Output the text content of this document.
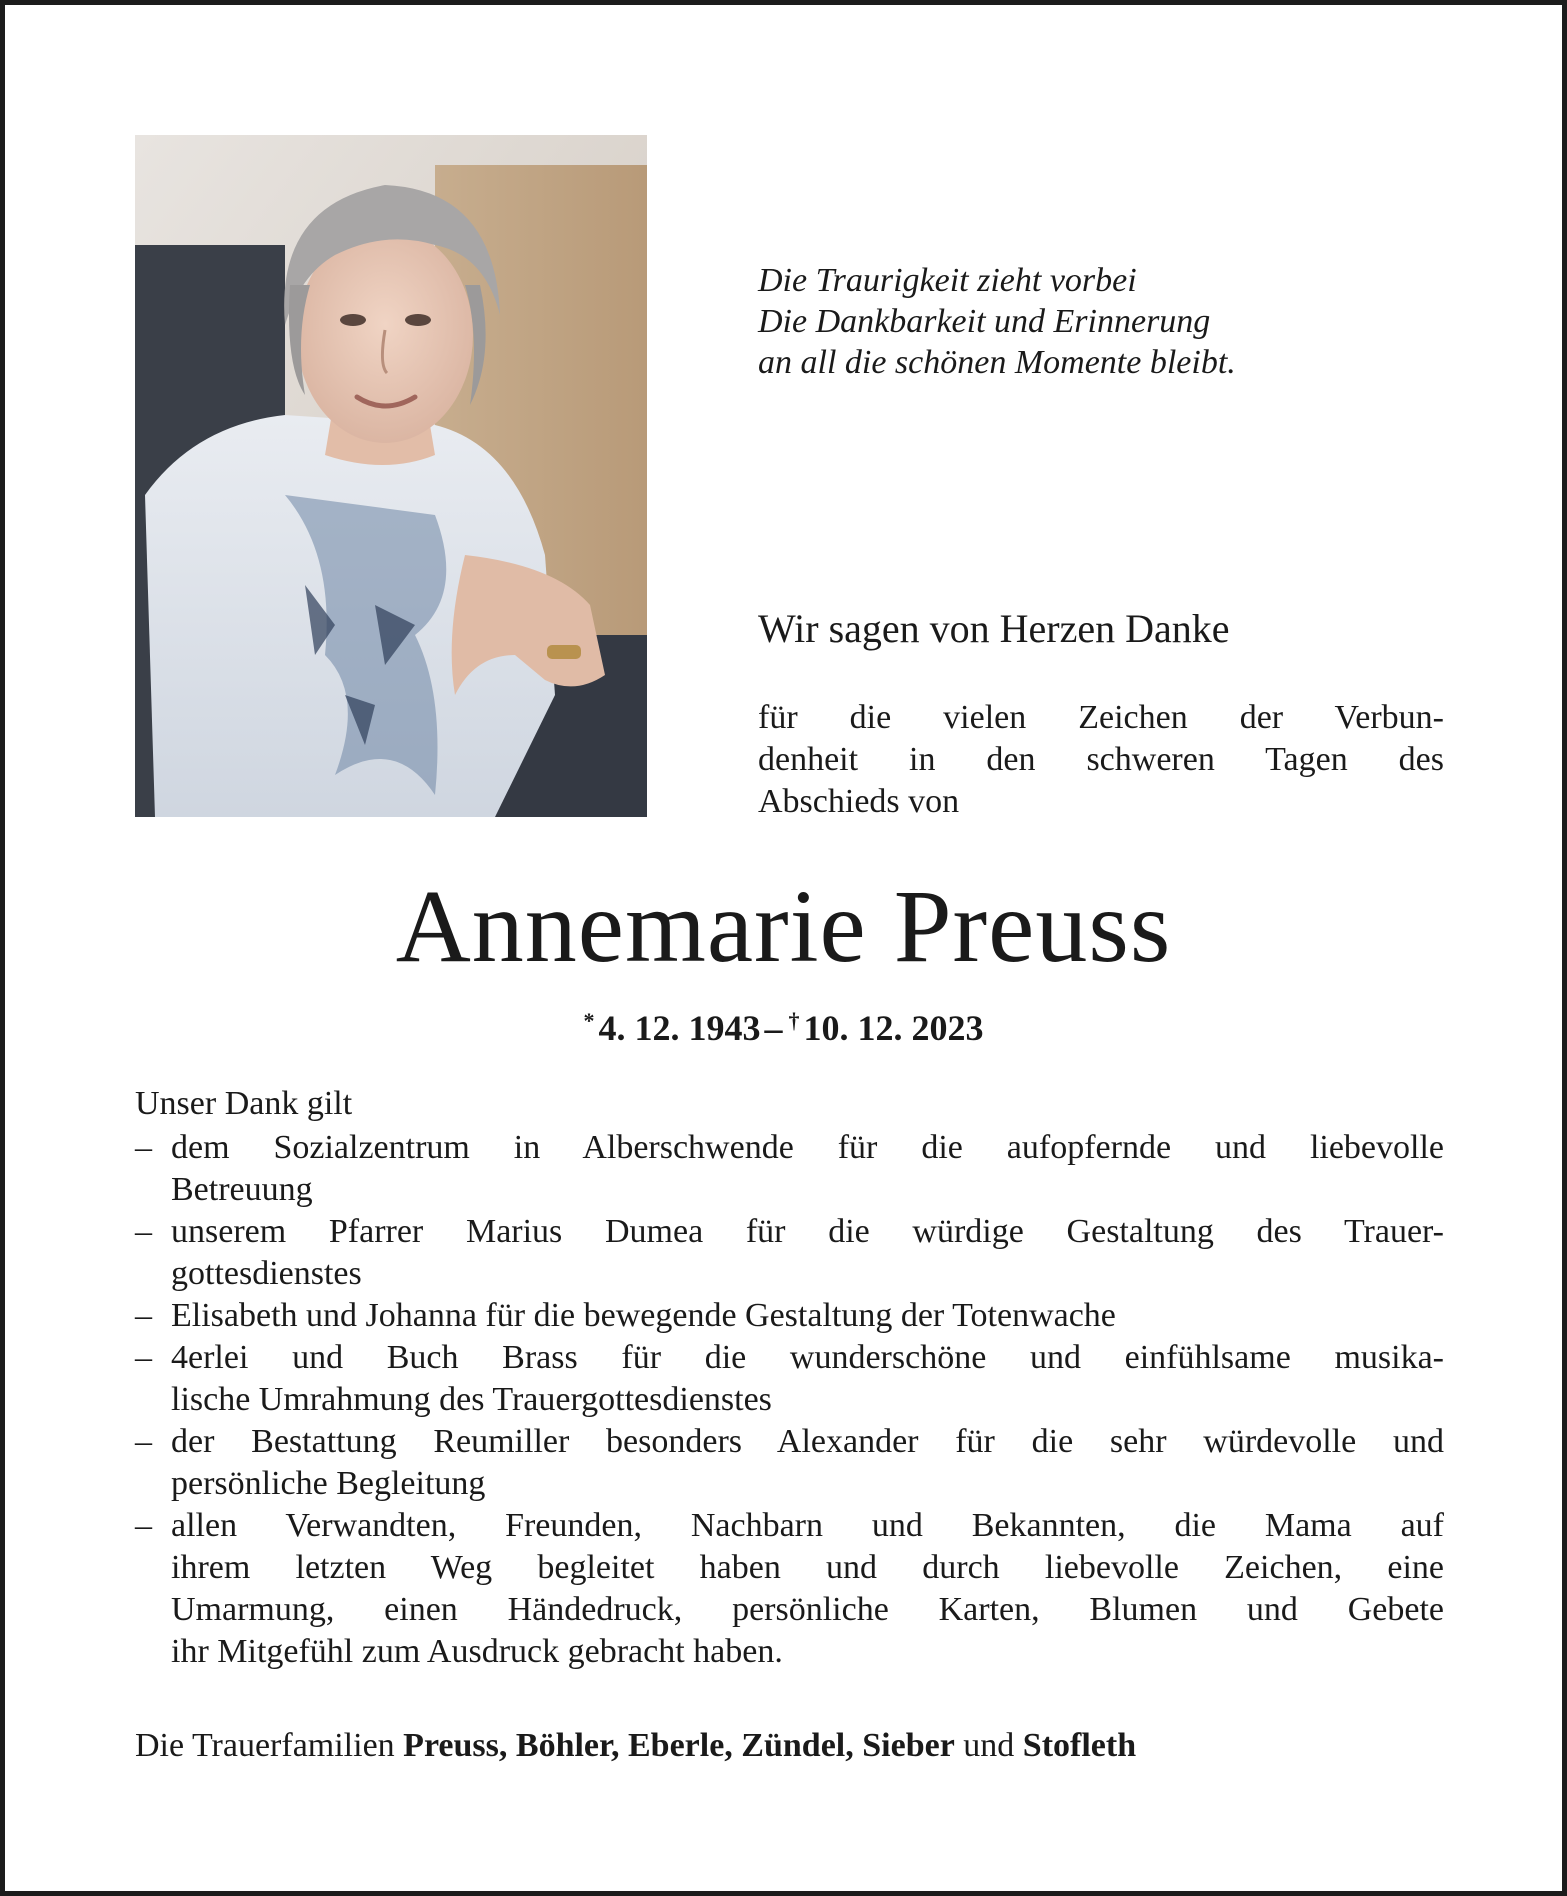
Die Traurigkeit zieht vorbei
Die Dankbarkeit und Erinnerung
an all die schönen Momente bleibt.
Wir sagen von Herzen Danke
für die vielen Zeichen der Verbun-
denheit in den schweren Tagen des
Abschieds von
Annemarie Preuss
* 4. 12. 1943 – † 10. 12. 2023
Unser Dank gilt
– dem Sozialzentrum in Alberschwende für die aufopfernde und liebevolle
Betreuung
– unserem Pfarrer Marius Dumea für die würdige Gestaltung des Trauer-
gottesdienstes
– Elisabeth und Johanna für die bewegende Gestaltung der Totenwache
– 4erlei und Buch Brass für die wunderschöne und einfühlsame musika-
lische Umrahmung des Trauergottesdienstes
– der Bestattung Reumiller besonders Alexander für die sehr würdevolle und
persönliche Begleitung
– allen Verwandten, Freunden, Nachbarn und Bekannten, die Mama auf
ihrem letzten Weg begleitet haben und durch liebevolle Zeichen, eine
Umarmung, einen Händedruck, persönliche Karten, Blumen und Gebete
ihr Mitgefühl zum Ausdruck gebracht haben.
Die Trauerfamilien Preuss, Böhler, Eberle, Zündel, Sieber und Stofleth
